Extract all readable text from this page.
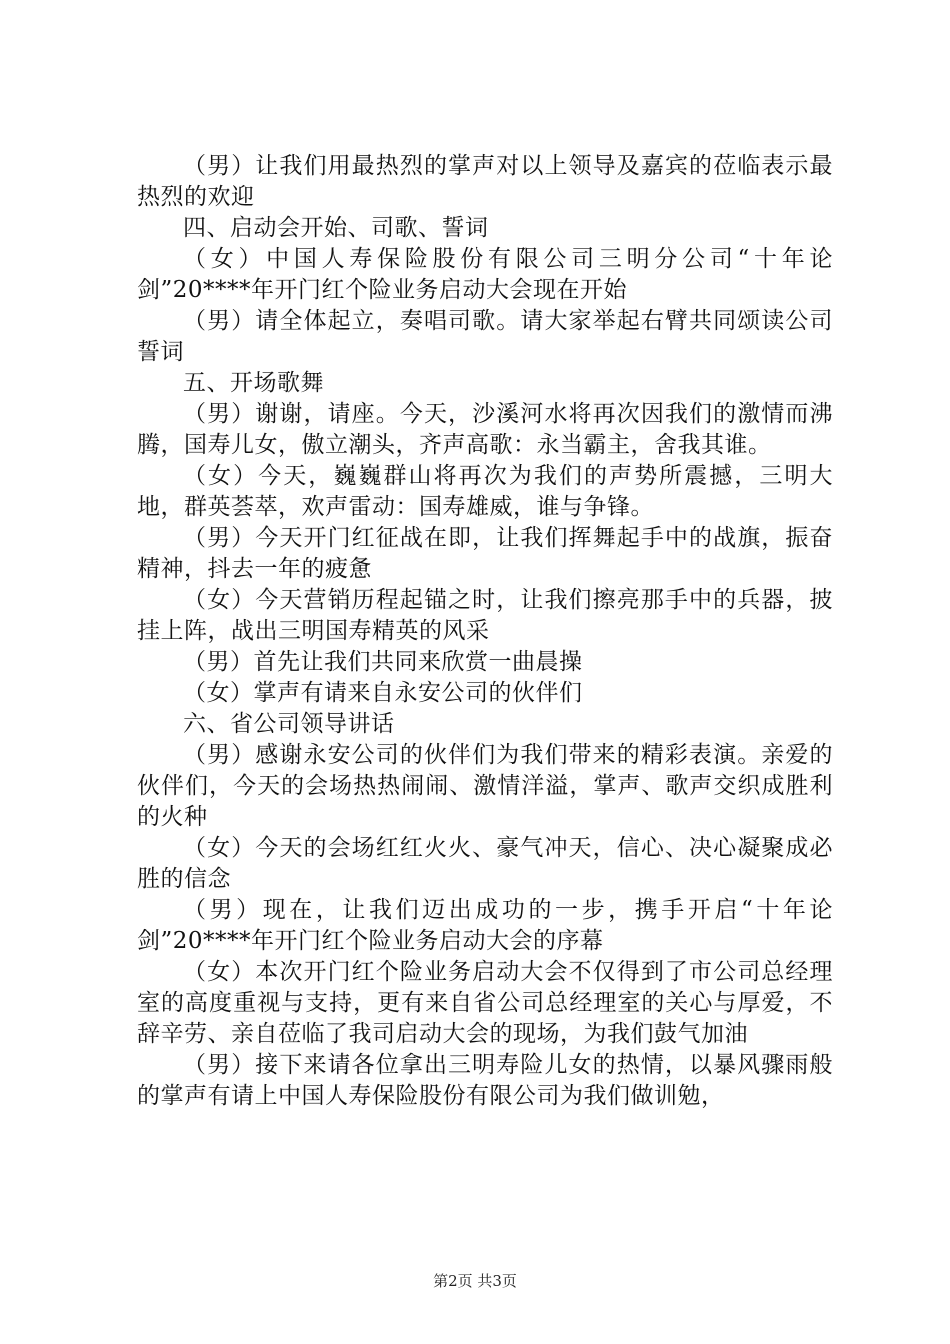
（男）让我们用最热烈的掌声对以上领导及嘉宾的莅临表示最热烈的欢迎

四、启动会开始、司歌、誓词

（女）中国人寿保险股份有限公司三明分公司“十年论剑”20****年开门红个险业务启动大会现在开始

（男）请全体起立，奏唱司歌。请大家举起右臂共同颂读公司誓词

五、开场歌舞

（男）谢谢，请座。今天，沙溪河水将再次因我们的激情而沸腾，国寿儿女，傲立潮头，齐声高歌：永当霸主，舍我其谁。

（女）今天，巍巍群山将再次为我们的声势所震撼，三明大地，群英荟萃，欢声雷动：国寿雄威，谁与争锋。

（男）今天开门红征战在即，让我们挥舞起手中的战旗，振奋精神，抖去一年的疲惫

（女）今天营销历程起锚之时，让我们擦亮那手中的兵器，披挂上阵，战出三明国寿精英的风采

（男）首先让我们共同来欣赏一曲晨操

（女）掌声有请来自永安公司的伙伴们

六、省公司领导讲话

（男）感谢永安公司的伙伴们为我们带来的精彩表演。亲爱的伙伴们，今天的会场热热闹闹、激情洋溢，掌声、歌声交织成胜利的火种

（女）今天的会场红红火火、豪气冲天，信心、决心凝聚成必胜的信念

（男）现在，让我们迈出成功的一步，携手开启“十年论剑”20****年开门红个险业务启动大会的序幕

（女）本次开门红个险业务启动大会不仅得到了市公司总经理室的高度重视与支持，更有来自省公司总经理室的关心与厚爱，不辞辛劳、亲自莅临了我司启动大会的现场，为我们鼓气加油

（男）接下来请各位拿出三明寿险儿女的热情，以暴风骤雨般的掌声有请上中国人寿保险股份有限公司为我们做训勉，

第2页 共3页
